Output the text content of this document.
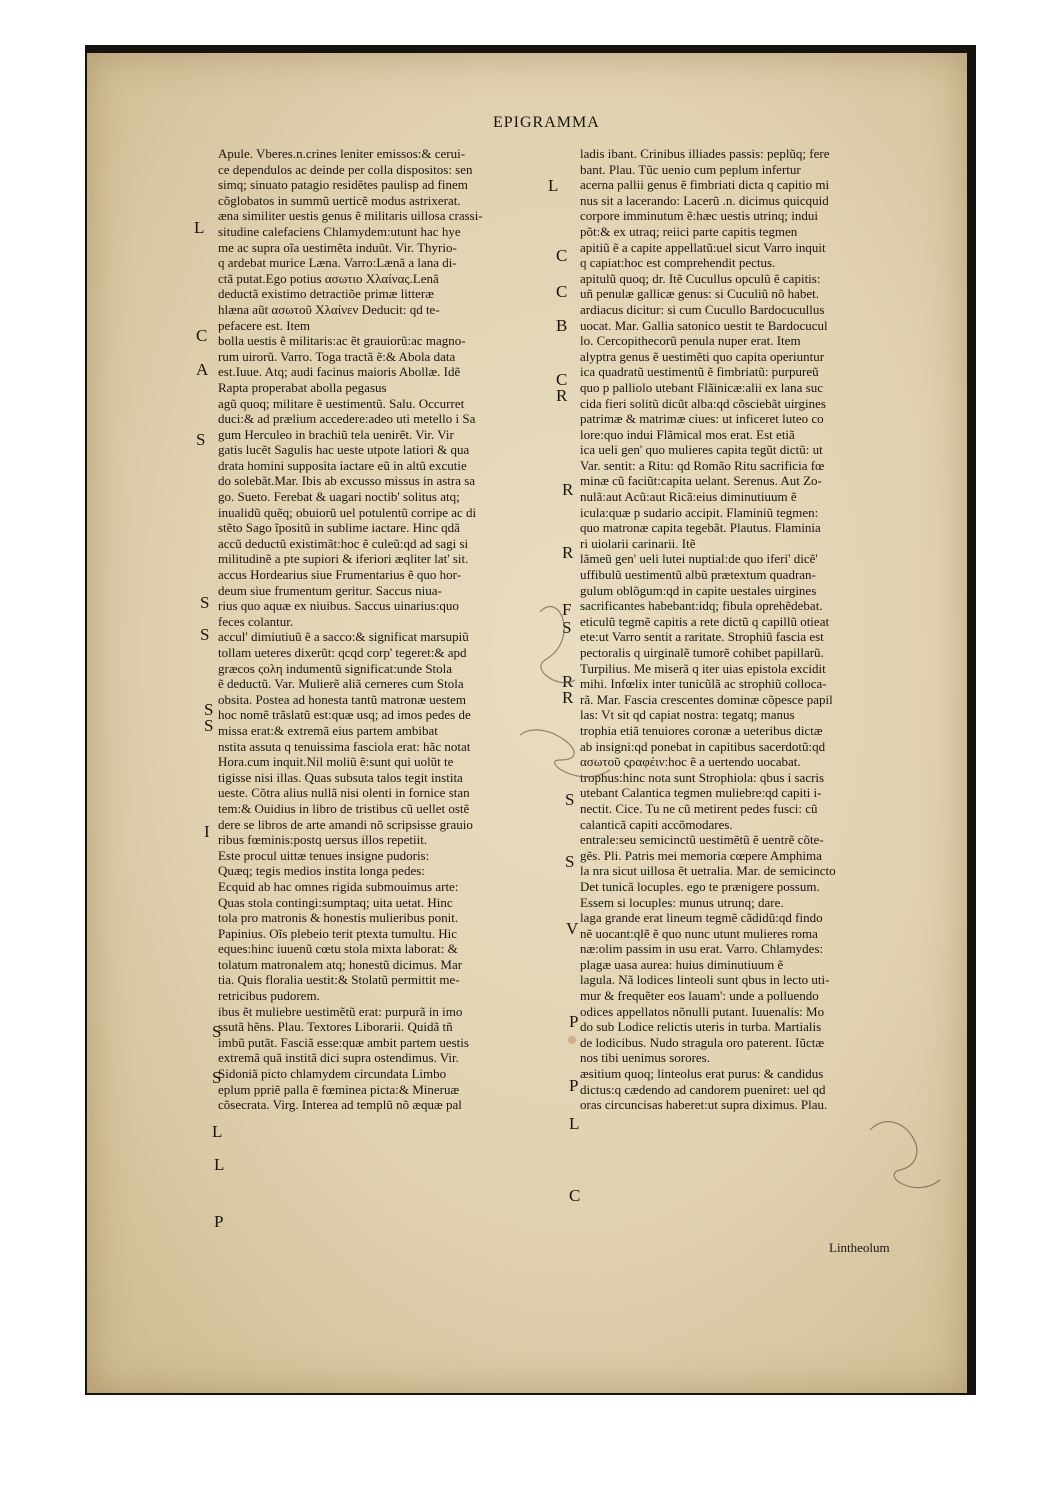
EPIGRAMMA
Apule. Vberes.n.crines leniter emissos:& cerui-
ce dependulos ac deinde per colla dispositos: sen
simq; sinuato patagio residẽtes paulisp ad finem
cõglobatos in summũ uerticẽ modus astrixerat.
æna similiter uestis genus ẽ militaris uillosa crassi-
situdine calefaciens Chlamydem:utunt hac hye
me ac supra oĩa uestimẽta induũt. Vir. Thyrio-
q ardebat murice Læna. Varro:Lænã a lana di-
ctã putat.Ego potius ασωτιο Χλαίνας.Lenã
deductã existimo detractiõe primæ litteræ
hlæna aũt ασωτοῦ Χλαίνεν Deducit: qd te-
pefacere est. Item
bolla uestis ẽ militaris:ac ẽt grauiorũ:ac magno-
rum uirorũ. Varro. Toga tractã ẽ:& Abola data
est.Iuue. Atq; audi facinus maioris Abollæ. Idẽ
Rapta properabat abolla pegasus
agũ quoq; militare ẽ uestimentũ. Salu. Occurret
duci:& ad prælium accedere:adeo uti metello i Sa
gum Herculeo in brachiũ tela uenirẽt. Vir. Vir
gatis lucẽt Sagulis hac ueste utpote latiori & qua
drata homini supposita iactare eũ in altũ excutie
do solebãt.Mar. Ibis ab excusso missus in astra sa
go. Sueto. Ferebat & uagari noctib' solitus atq;
inualidũ quẽq; obuiorũ uel potulentũ corripe ac di
stẽto Sago ĩpositũ in sublime iactare. Hinc qdã
accũ deductũ existimãt:hoc ẽ culeũ:qd ad sagi si
militudinẽ a pte supiori & iferiori æqliter lat' sit.
accus Hordearius siue Frumentarius ẽ quo hor-
deum siue frumentum geritur. Saccus niua-
rius quo aquæ ex niuibus. Saccus uinarius:quo
feces colantur.
accul' dimiutiuũ ẽ a sacco:& significat marsupiũ
tollam ueteres dixerũt: qcqd corp' tegeret:& apd
græcos ςολη indumentũ significat:unde Stola
ẽ deductũ. Var. Mulierẽ aliã cerneres cum Stola
obsita. Postea ad honesta tantũ matronæ uestem
hoc nomẽ trãslatũ est:quæ usq; ad imos pedes de
missa erat:& extremã eius partem ambibat
nstita assuta q tenuissima fasciola erat: hãc notat
Hora.cum inquit.Nil moliũ ẽ:sunt qui uolũt te
tigisse nisi illas. Quas subsuta talos tegit instita
ueste. Cõtra alius nullã nisi olenti in fornice stan
tem:& Ouidius in libro de tristibus cũ uellet ostẽ
dere se libros de arte amandi nõ scripsisse grauio
ribus fœminis:postq uersus illos repetiit.
Este procul uittæ tenues insigne pudoris:
Quæq; tegis medios instita longa pedes:
Ecquid ab hac omnes rigida submouimus arte:
Quas stola contingi:sumptaq; uita uetat. Hinc
tola pro matronis & honestis mulieribus ponit.
Papinius. Oĩs plebeio terit ptexta tumultu. Hic
eques:hinc iuuenũ cœtu stola mixta laborat: &
tolatum matronalem atq; honestũ dicimus. Mar
tia. Quis floralia uestit:& Stolatũ permittit me-
retricibus pudorem.
ibus ẽt muliebre uestimẽtũ erat: purpurã in imo
ssutã hẽns. Plau. Textores Liborarii. Quidã tñ
imbũ putãt. Fasciã esse:quæ ambit partem uestis
extremã quã institã dici supra ostendimus. Vir.
Sidoniã picto chlamydem circundata Limbo
eplum ppriẽ palla ẽ fœminea picta:& Mineruæ
cõsecrata. Virg. Interea ad templũ nõ æquæ pal
ladis ibant. Crinibus illiades passis: peplũq; fere
bant. Plau. Tũc uenio cum peplum infertur
acerna pallii genus ẽ fimbriati dicta q capitio mi
nus sit a lacerando: Lacerũ .n. dicimus quicquid
corpore imminutum ẽ:hæc uestis utrinq; indui
põt:& ex utraq; reiici parte capitis tegmen
apitiũ ẽ a capite appellatũ:uel sicut Varro inquit
q capiat:hoc est comprehendit pectus.
apitulũ quoq; dr. Itẽ Cucullus opculũ ẽ capitis:
uñ penulæ gallicæ genus: si Cuculiũ nõ habet.
ardiacus dicitur: si cum Cucullo Bardocucullus
uocat. Mar. Gallia satonico uestit te Bardocucul
lo. Cercopithecorũ penula nuper erat. Item
alyptra genus ẽ uestimẽti quo capita operiuntur
ica quadratũ uestimentũ ẽ fimbriatũ: purpureũ
quo p palliolo utebant Flãinicæ:alii ex lana suc
cida fieri solitũ dicũt alba:qd cõsciebãt uirgines
patrimæ & matrimæ ciues: ut inficeret luteo co
lore:quo indui Flãmical mos erat. Est etiã
ica ueli gen' quo mulieres capita tegũt dictũ: ut
Var. sentit: a Ritu: qd Romão Ritu sacrificia fœ
minæ cũ faciũt:capita uelant. Serenus. Aut Zo-
nulã:aut Acũ:aut Ricã:eius diminutiuum ẽ
icula:quæ p sudario accipit. Flaminiũ tegmen:
quo matronæ capita tegebãt. Plautus. Flaminia
ri uiolarii carinarii. Itẽ
lãmeũ gen' ueli lutei nuptial:de quo iferi' dicẽ'
uffibulũ uestimentũ albũ prætextum quadran-
gulum oblõgum:qd in capite uestales uirgines
sacrificantes habebant:idq; fibula oprehẽdebat.
eticulũ tegmẽ capitis a rete dictũ q capillũ otieat
ete:ut Varro sentit a raritate. Strophiũ fascia est
pectoralis q uirginalẽ tumorẽ cohibet papillarũ.
Turpilius. Me miserã q iter uias epistola excidit
mihi. Infœlix inter tunicũlã ac strophiũ colloca-
rã. Mar. Fascia crescentes dominæ cõpesce papil
las: Vt sit qd capiat nostra: tegatq; manus
trophia etiã tenuiores coronæ a ueteribus dictæ
ab insigni:qd ponebat in capitibus sacerdotũ:qd
ασωτοῦ ςραφέιν:hoc ẽ a uertendo uocabat.
trophus:hinc nota sunt Strophiola: qbus i sacris
utebant Calantica tegmen muliebre:qd capiti i-
nectit. Cice. Tu ne cũ metirent pedes fusci: cũ
calanticã capiti accõmodares.
entrale:seu semicinctũ uestimẽtũ ẽ uentrẽ cõte-
gẽs. Pli. Patris mei memoria cœpere Amphima
la nra sicut uillosa ẽt uetralia. Mar. de semicincto
Det tunicã locuples. ego te prænigere possum.
Essem si locuples: munus utrunq; dare.
laga grande erat lineum tegmẽ cãdidũ:qd findo
nẽ uocant:qlẽ ẽ quo nunc utunt mulieres roma
næ:olim passim in usu erat. Varro. Chlamydes:
plagæ uasa aurea: huius diminutiuum ẽ
lagula. Nã lodices linteoli sunt qbus in lecto uti-
mur & frequẽter eos lauam': unde a polluendo
odices appellatos nõnulli putant. Iuuenalis: Mo
do sub Lodice relictis uteris in turba. Martialis
de lodicibus. Nudo stragula oro paterent. Iũctæ
nos tibi uenimus sorores.
æsitium quoq; linteolus erat purus: & candidus
dictus:q cædendo ad candorem pueniret: uel qd
oras circuncisas haberet:ut supra diximus. Plau.
L
C
A
S
S
S
S
S
I
S
S
L
L
P
L
C
C
B
C
R
R
R
F
S
R
R
S
S
V
P
P
L
C
Lintheolum
